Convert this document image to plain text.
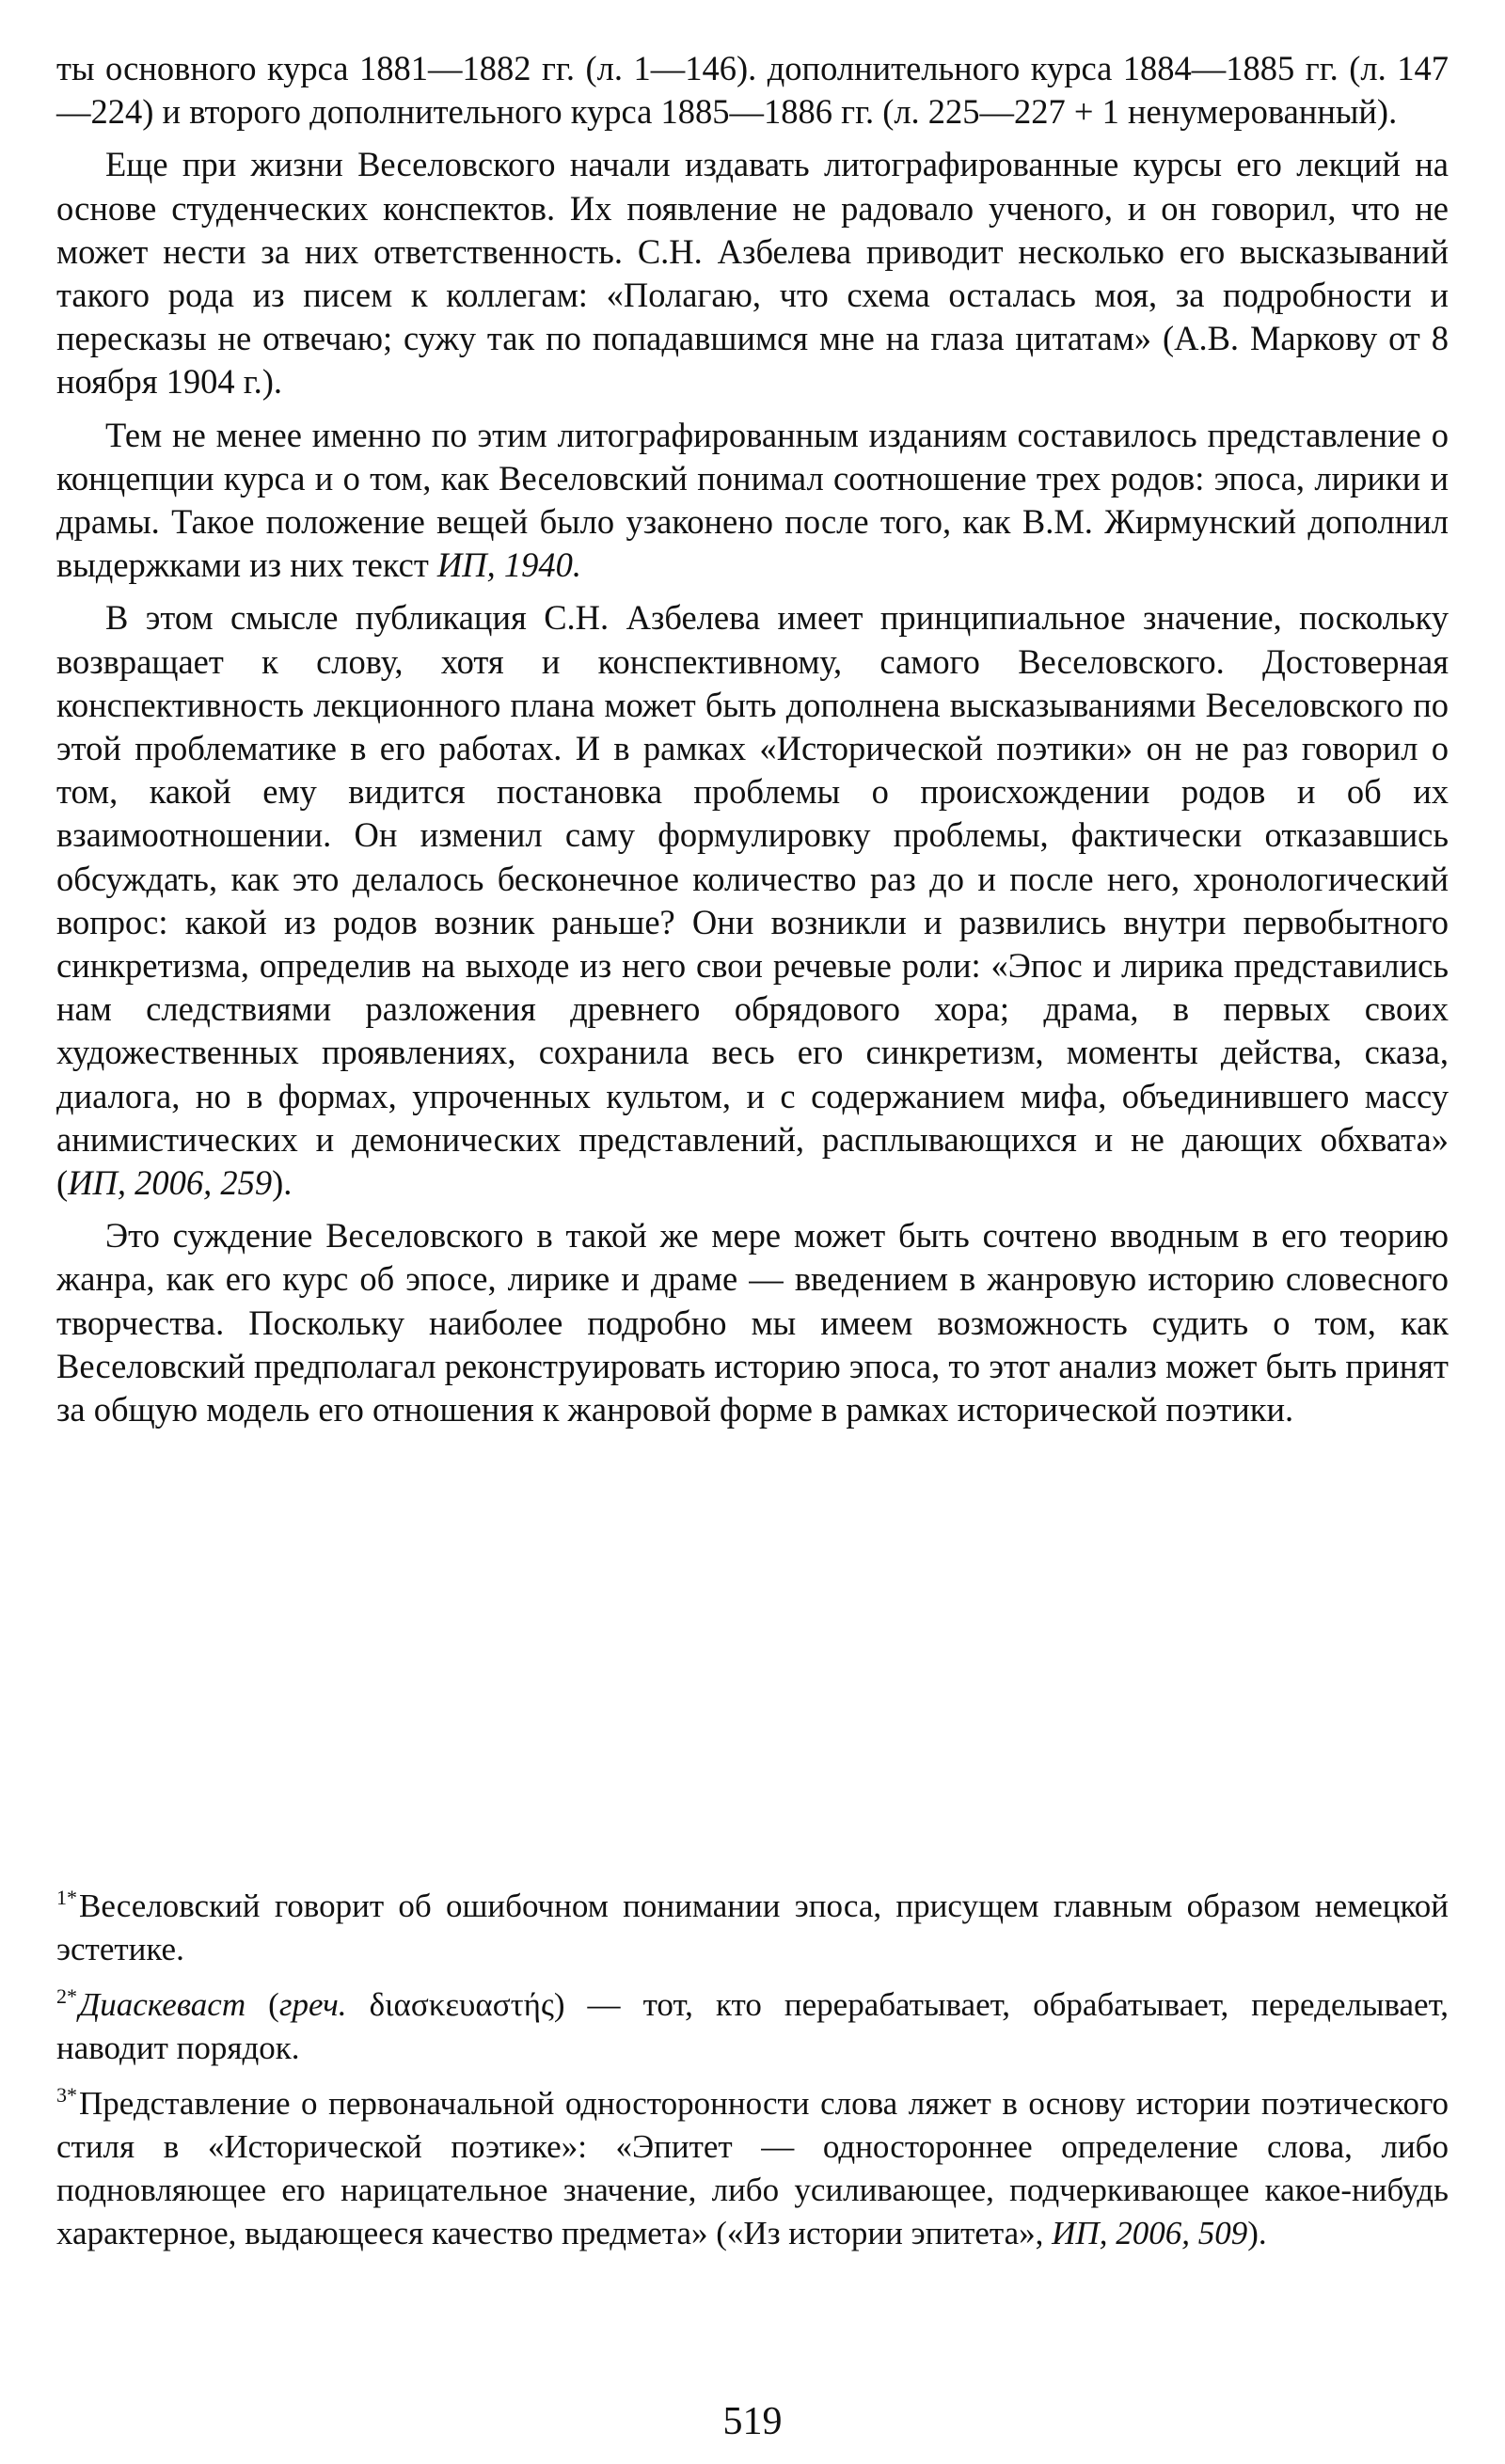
ты основного курса 1881—1882 гг. (л. 1—146). дополнительного курса 1884—1885 гг. (л. 147—224) и второго дополнительного курса 1885—1886 гг. (л. 225—227 + 1 ненумерованный).

Еще при жизни Веселовского начали издавать литографированные курсы его лекций на основе студенческих конспектов. Их появление не радовало ученого, и он говорил, что не может нести за них ответственность. С.Н. Азбелева приводит несколько его высказываний такого рода из писем к коллегам: «Полагаю, что схема осталась моя, за подробности и пересказы не отвечаю; сужу так по попадавшимся мне на глаза цитатам» (А.В. Маркову от 8 ноября 1904 г.).

Тем не менее именно по этим литографированным изданиям составилось представление о концепции курса и о том, как Веселовский понимал соотношение трех родов: эпоса, лирики и драмы. Такое положение вещей было узаконено после того, как В.М. Жирмунский дополнил выдержками из них текст ИП, 1940.

В этом смысле публикация С.Н. Азбелева имеет принципиальное значение, поскольку возвращает к слову, хотя и конспективному, самого Веселовского. Достоверная конспективность лекционного плана может быть дополнена высказываниями Веселовского по этой проблематике в его работах. И в рамках «Исторической поэтики» он не раз говорил о том, какой ему видится постановка проблемы о происхождении родов и об их взаимоотношении. Он изменил саму формулировку проблемы, фактически отказавшись обсуждать, как это делалось бесконечное количество раз до и после него, хронологический вопрос: какой из родов возник раньше? Они возникли и развились внутри первобытного синкретизма, определив на выходе из него свои речевые роли: «Эпос и лирика представились нам следствиями разложения древнего обрядового хора; драма, в первых своих художественных проявлениях, сохранила весь его синкретизм, моменты действа, сказа, диалога, но в формах, упроченных культом, и с содержанием мифа, объединившего массу анимистических и демонических представлений, расплывающихся и не дающих обхвата» (ИП, 2006, 259).

Это суждение Веселовского в такой же мере может быть сочтено вводным в его теорию жанра, как его курс об эпосе, лирике и драме — введением в жанровую историю словесного творчества. Поскольку наиболее подробно мы имеем возможность судить о том, как Веселовский предполагал реконструировать историю эпоса, то этот анализ может быть принят за общую модель его отношения к жанровой форме в рамках исторической поэтики.

$^{1*}$Веселовский говорит об ошибочном понимании эпоса, присущем главным образом немецкой эстетике.

$^{2*}$Диаскеваст (греч. διασκευαστής) — тот, кто перерабатывает, обрабатывает, переделывает, наводит порядок.

$^{3*}$Представление о первоначальной односторонности слова ляжет в основу истории поэтического стиля в «Исторической поэтике»: «Эпитет — одностороннее определение слова, либо подновляющее его нарицательное значение, либо усиливающее, подчеркивающее какое-нибудь характерное, выдающееся качество предмета» («Из истории эпитета», ИП, 2006, 509).

519
